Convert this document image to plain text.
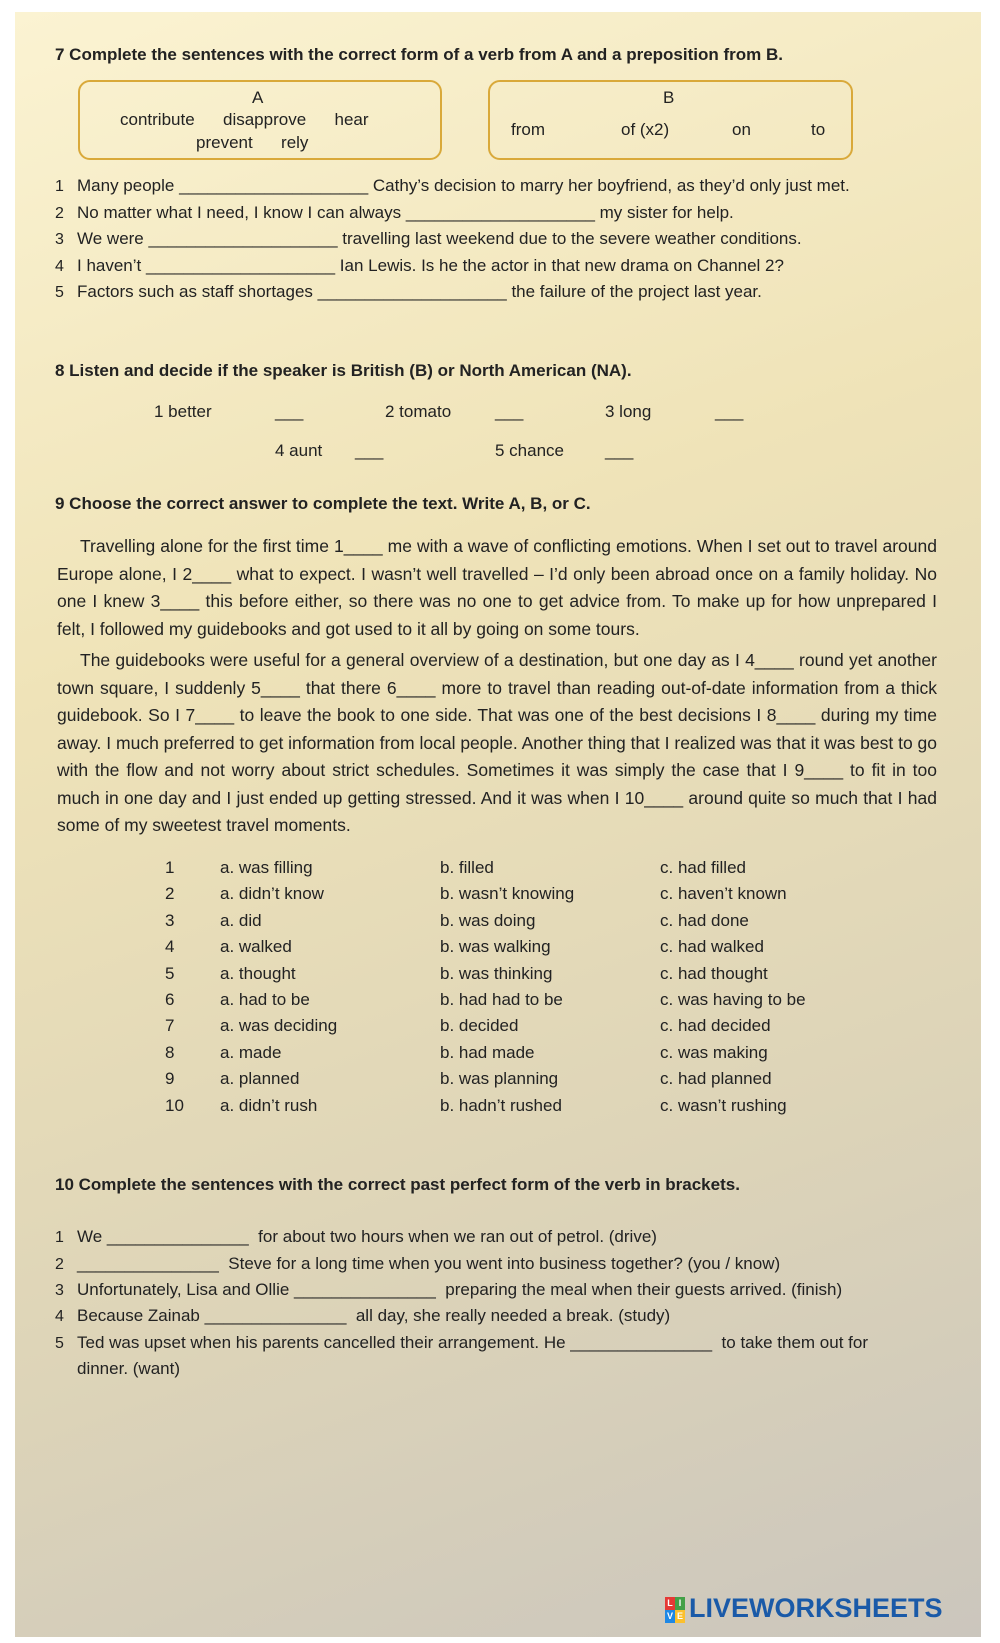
7 Complete the sentences with the correct form of a verb from A and a preposition from B.
A
contribute      disapprove      hear
prevent      rely
B
from	of (x2)	on	to
1 Many people ____________________ Cathy’s decision to marry her boyfriend, as they’d only just met.
2 No matter what I need, I know I can always ____________________ my sister for help.
3 We were ____________________ travelling last weekend due to the severe weather conditions.
4 I haven’t ____________________ Ian Lewis. Is he the actor in that new drama on Channel 2?
5 Factors such as staff shortages ____________________ the failure of the project last year.
8 Listen and decide if the speaker is British (B) or North American (NA).
1 better	___	2 tomato	___	3 long	___
4 aunt ___	5 chance ___
9 Choose the correct answer to complete the text. Write A, B, or C.

Travelling alone for the first time 1____ me with a wave of conflicting emotions. When I set out to travel around Europe alone, I 2____ what to expect. I wasn’t well travelled – I’d only been abroad once on a family holiday. No one I knew 3____ this before either, so there was no one to get advice from. To make up for how unprepared I felt, I followed my guidebooks and got used to it all by going on some tours.

The guidebooks were useful for a general overview of a destination, but one day as I 4____ round yet another town square, I suddenly 5____ that there 6____ more to travel than reading out-of-date information from a thick guidebook. So I 7____ to leave the book to one side. That was one of the best decisions I 8____ during my time away. I much preferred to get information from local people. Another thing that I realized was that it was best to go with the flow and not worry about strict schedules. Sometimes it was simply the case that I 9____ to fit in too much in one day and I just ended up getting stressed. And it was when I 10____ around quite so much that I had some of my sweetest travel moments.

1	a. was filling	b. filled	c. had filled
2	a. didn’t know	b. wasn’t knowing	c. haven’t known
3	a. did	b. was doing	c. had done
4	a. walked	b. was walking	c. had walked
5	a. thought	b. was thinking	c. had thought
6	a. had to be	b. had had to be	c. was having to be
7	a. was deciding	b. decided	c. had decided
8	a. made	b. had made	c. was making
9	a. planned	b. was planning	c. had planned
10 a. didn’t rush	b. hadn’t rushed	c. wasn’t rushing
10 Complete the sentences with the correct past perfect form of the verb in brackets.
1 We _______________  for about two hours when we ran out of petrol. (drive)
2 _______________  Steve for a long time when you went into business together? (you / know)
3 Unfortunately, Lisa and Ollie _______________  preparing the meal when their guests arrived. (finish)
4 Because Zainab _______________  all day, she really needed a break. (study)
5 Ted was upset when his parents cancelled their arrangement. He _______________  to take them out for
dinner. (want)
L I
V E LIVEWORKSHEETS
